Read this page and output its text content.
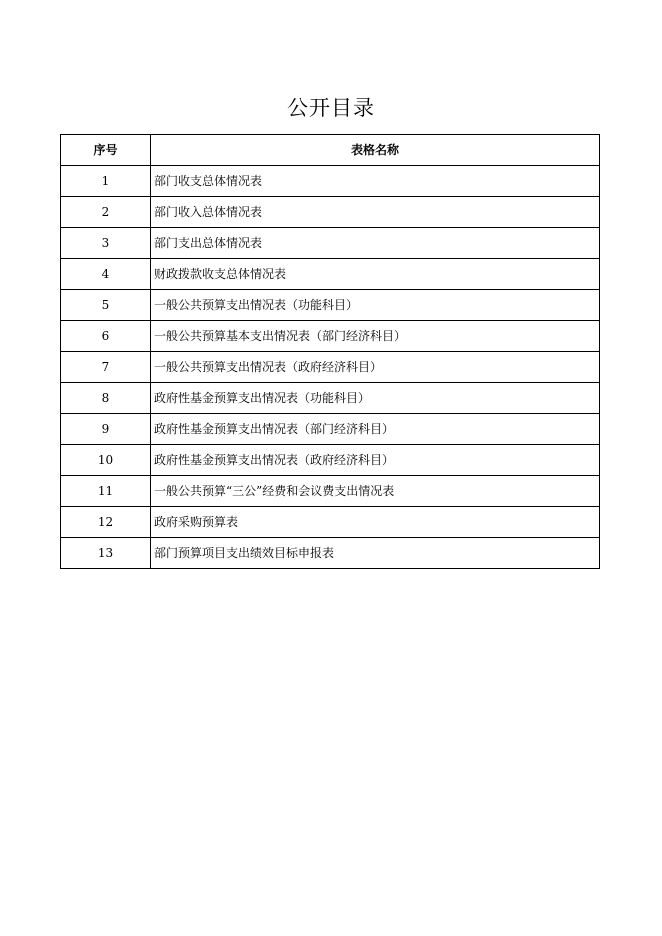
公开目录
序号	表格名称
1	部门收支总体情况表
2	部门收入总体情况表
3	部门支出总体情况表
4	财政拨款收支总体情况表
5	一般公共预算支出情况表（功能科目）
6	一般公共预算基本支出情况表（部门经济科目）
7	一般公共预算支出情况表（政府经济科目）
8	政府性基金预算支出情况表（功能科目）
9	政府性基金预算支出情况表（部门经济科目）
10	政府性基金预算支出情况表（政府经济科目）
11	一般公共预算“三公”经费和会议费支出情况表
12	政府采购预算表
13	部门预算项目支出绩效目标申报表
